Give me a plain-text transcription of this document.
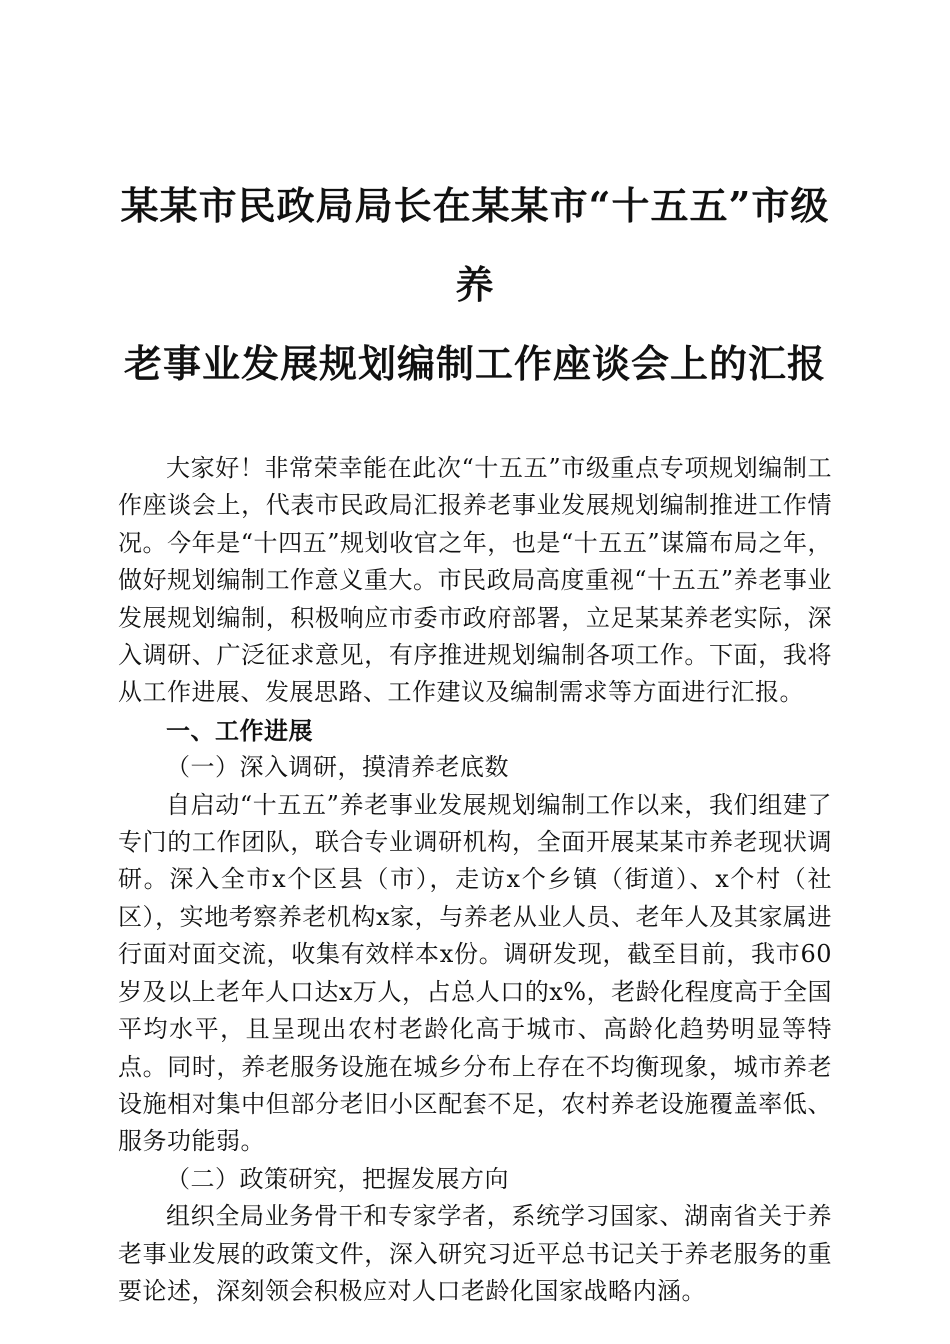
某某市民政局局长在某某市“十五五”市级养
老事业发展规划编制工作座谈会上的汇报

大家好！非常荣幸能在此次“十五五”市级重点专项规划编制工作座谈会上，代表市民政局汇报养老事业发展规划编制推进工作情况。今年是“十四五”规划收官之年，也是“十五五”谋篇布局之年，做好规划编制工作意义重大。市民政局高度重视“十五五”养老事业发展规划编制，积极响应市委市政府部署，立足某某养老实际，深入调研、广泛征求意见，有序推进规划编制各项工作。下面，我将从工作进展、发展思路、工作建议及编制需求等方面进行汇报。

一、工作进展

（一）深入调研，摸清养老底数

自启动“十五五”养老事业发展规划编制工作以来，我们组建了专门的工作团队，联合专业调研机构，全面开展某某市养老现状调研。深入全市x个区县（市），走访x个乡镇（街道）、x个村（社区），实地考察养老机构x家，与养老从业人员、老年人及其家属进行面对面交流，收集有效样本x份。调研发现，截至目前，我市60岁及以上老年人口达x万人，占总人口的x%，老龄化程度高于全国平均水平，且呈现出农村老龄化高于城市、高龄化趋势明显等特点。同时，养老服务设施在城乡分布上存在不均衡现象，城市养老设施相对集中但部分老旧小区配套不足，农村养老设施覆盖率低、服务功能弱。

（二）政策研究，把握发展方向

组织全局业务骨干和专家学者，系统学习国家、湖南省关于养老事业发展的政策文件，深入研究习近平总书记关于养老服务的重要论述，深刻领会积极应对人口老龄化国家战略内涵。
